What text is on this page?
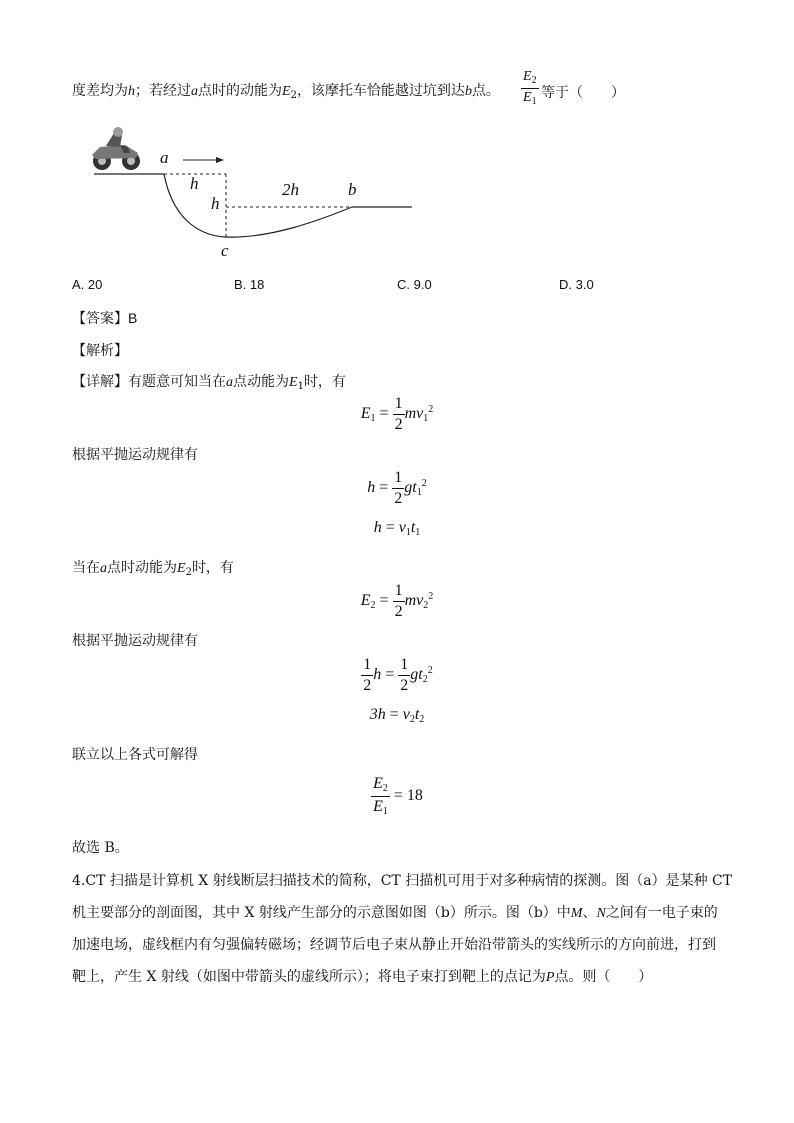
度差均为h；若经过a点时的动能为$E_2$，该摩托车恰能越过坑到达b点。 $\frac{E_2}{E_1}$ 等于（　　）
a
h
h
2h	b
c
A. 20	B. 18	C. 9.0	D. 3.0
【答案】B
【解析】
【详解】有题意可知当在a点动能为$E_1$时，有
$E_1 = \frac{1}{2} mv_1^2$
根据平抛运动规律有
$h = \frac{1}{2} gt_1^2$
$h = v_1t_1$
当在a点时动能为$E_2$时，有
$E_2 = \frac{1}{2} mv_2^2$
根据平抛运动规律有
$\frac{1}{2}$ $h = \frac{1}{2} gt_2^2$
$3h = v_2t_2$
联立以上各式可解得
$\frac{E_2}{E_1} = 18$
故选 B。
4.CT 扫描是计算机 X 射线断层扫描技术的简称，CT 扫描机可用于对多种病情的探测。图（a）是某种 CT
机主要部分的剖面图，其中 X 射线产生部分的示意图如图（b）所示。图（b）中M、N之间有一电子束的
加速电场，虚线框内有匀强偏转磁场；经调节后电子束从静止开始沿带箭头的实线所示的方向前进，打到
靶上，产生 X 射线（如图中带箭头的虚线所示）；将电子束打到靶上的点记为P点。则（　　）
